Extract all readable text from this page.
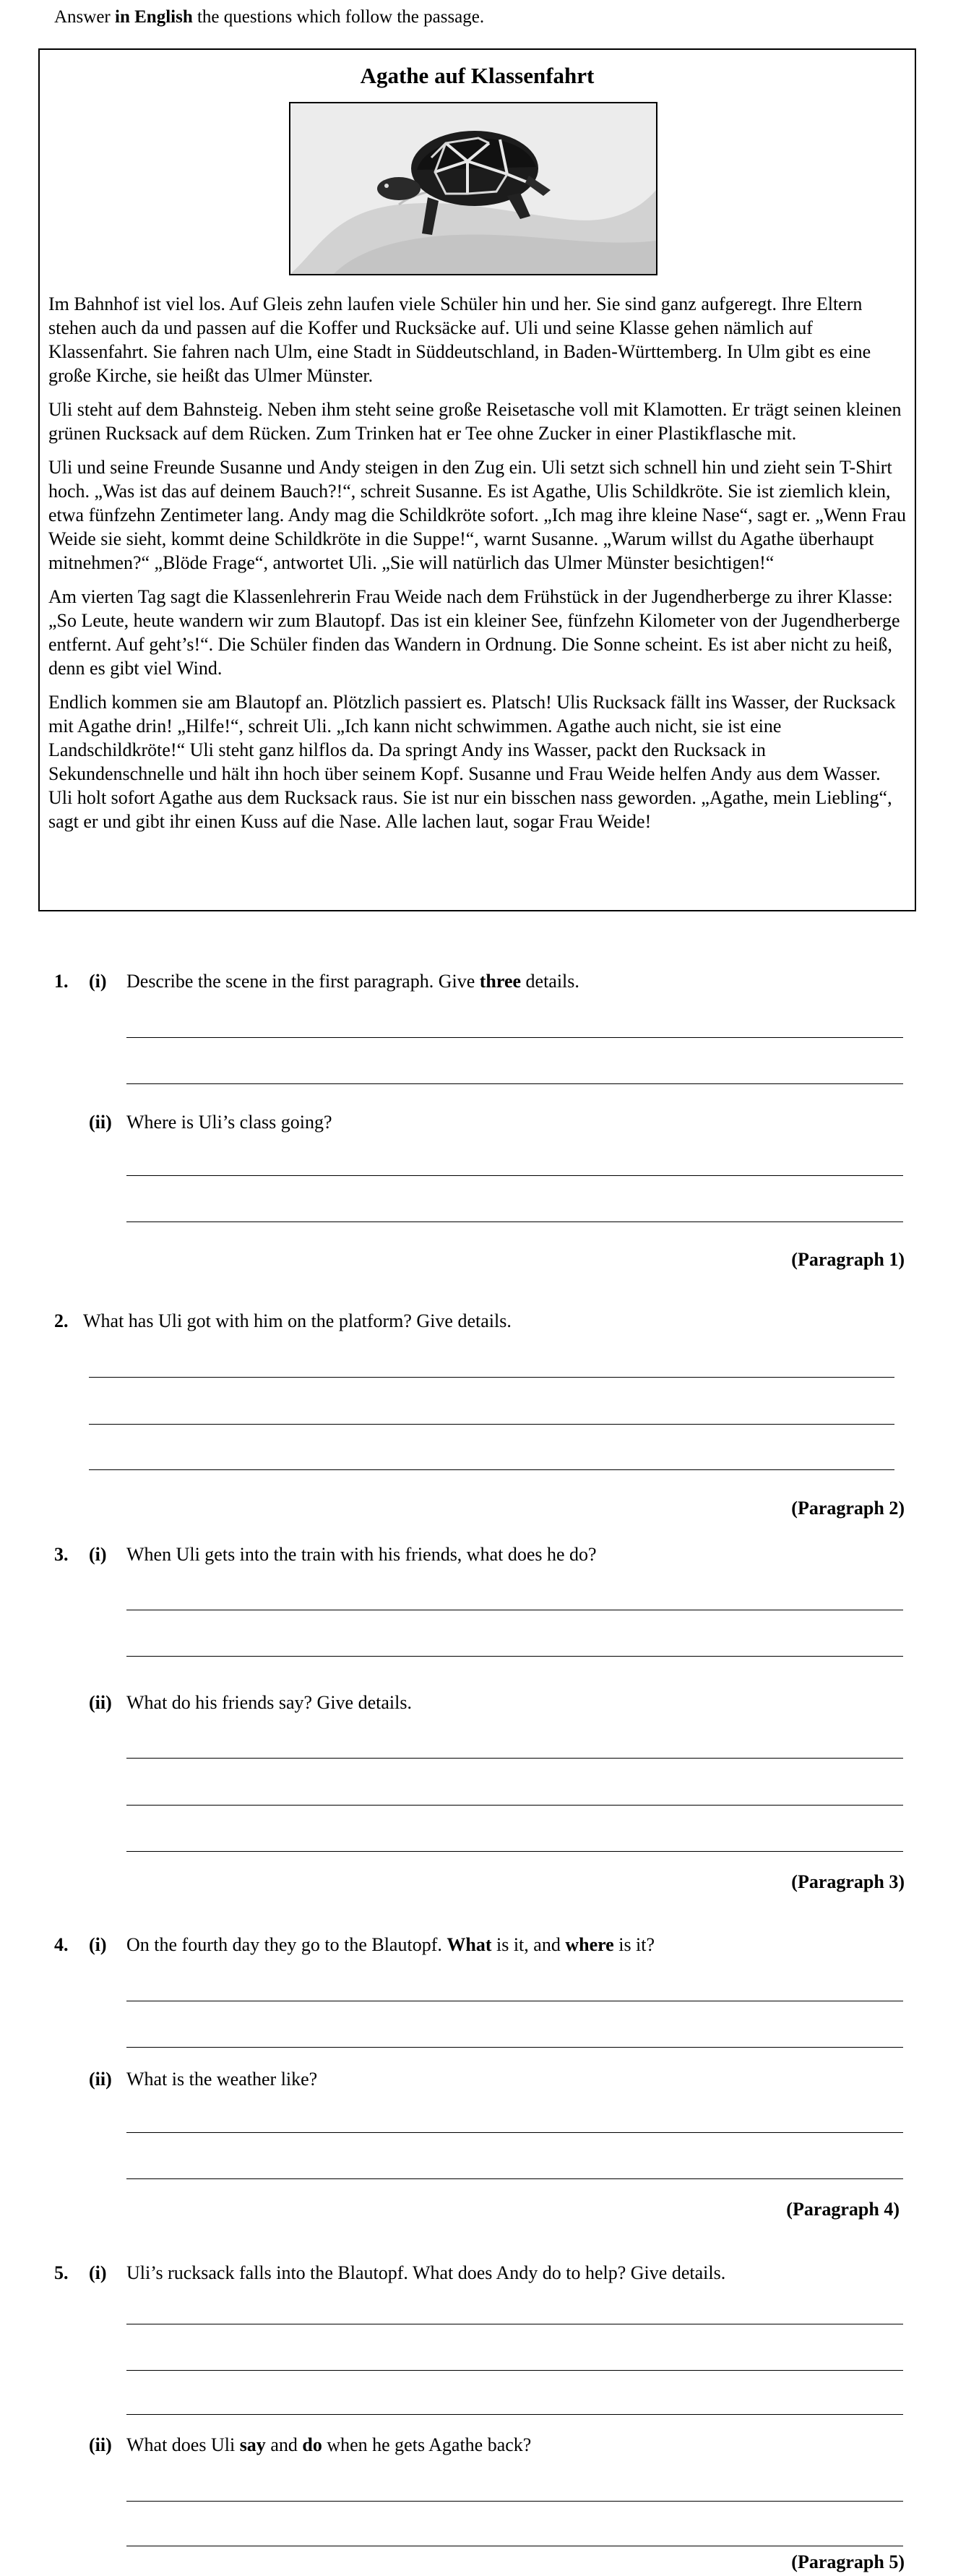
Answer in English the questions which follow the passage.
Agathe auf Klassenfahrt

Im Bahnhof ist viel los. Auf Gleis zehn laufen viele Schüler hin und her. Sie sind ganz aufgeregt. Ihre Eltern stehen auch da und passen auf die Koffer und Rucksäcke auf. Uli und seine Klasse gehen nämlich auf Klassenfahrt. Sie fahren nach Ulm, eine Stadt in Süddeutschland, in Baden-Württemberg. In Ulm gibt es eine große Kirche, sie heißt das Ulmer Münster.

Uli steht auf dem Bahnsteig. Neben ihm steht seine große Reisetasche voll mit Klamotten. Er trägt seinen kleinen grünen Rucksack auf dem Rücken. Zum Trinken hat er Tee ohne Zucker in einer Plastikflasche mit.

Uli und seine Freunde Susanne und Andy steigen in den Zug ein. Uli setzt sich schnell hin und zieht sein T-Shirt hoch. „Was ist das auf deinem Bauch?!“, schreit Susanne. Es ist Agathe, Ulis Schildkröte. Sie ist ziemlich klein, etwa fünfzehn Zentimeter lang. Andy mag die Schildkröte sofort. „Ich mag ihre kleine Nase“, sagt er. „Wenn Frau Weide sie sieht, kommt deine Schildkröte in die Suppe!“, warnt Susanne. „Warum willst du Agathe überhaupt mitnehmen?“ „Blöde Frage“, antwortet Uli. „Sie will natürlich das Ulmer Münster besichtigen!“

Am vierten Tag sagt die Klassenlehrerin Frau Weide nach dem Frühstück in der Jugendherberge zu ihrer Klasse: „So Leute, heute wandern wir zum Blautopf. Das ist ein kleiner See, fünfzehn Kilometer von der Jugendherberge entfernt. Auf geht’s!“. Die Schüler finden das Wandern in Ordnung. Die Sonne scheint. Es ist aber nicht zu heiß, denn es gibt viel Wind.

Endlich kommen sie am Blautopf an. Plötzlich passiert es. Platsch! Ulis Rucksack fällt ins Wasser, der Rucksack mit Agathe drin! „Hilfe!“, schreit Uli. „Ich kann nicht schwimmen. Agathe auch nicht, sie ist eine Landschildkröte!“ Uli steht ganz hilflos da. Da springt Andy ins Wasser, packt den Rucksack in Sekundenschnelle und hält ihn hoch über seinem Kopf. Susanne und Frau Weide helfen Andy aus dem Wasser. Uli holt sofort Agathe aus dem Rucksack raus. Sie ist nur ein bisschen nass geworden. „Agathe, mein Liebling“, sagt er und gibt ihr einen Kuss auf die Nase. Alle lachen laut, sogar Frau Weide!

1. (i) Describe the scene in the first paragraph. Give three details.
(ii) Where is Uli’s class going?
(Paragraph 1)
2. What has Uli got with him on the platform? Give details.
(Paragraph 2)
3. (i) When Uli gets into the train with his friends, what does he do?
(ii) What do his friends say? Give details.
(Paragraph 3)
4. (i) On the fourth day they go to the Blautopf. What is it, and where is it?
(ii) What is the weather like?
(Paragraph 4)
5. (i) Uli’s rucksack falls into the Blautopf. What does Andy do to help? Give details.
(ii) What does Uli say and do when he gets Agathe back?
(Paragraph 5)
